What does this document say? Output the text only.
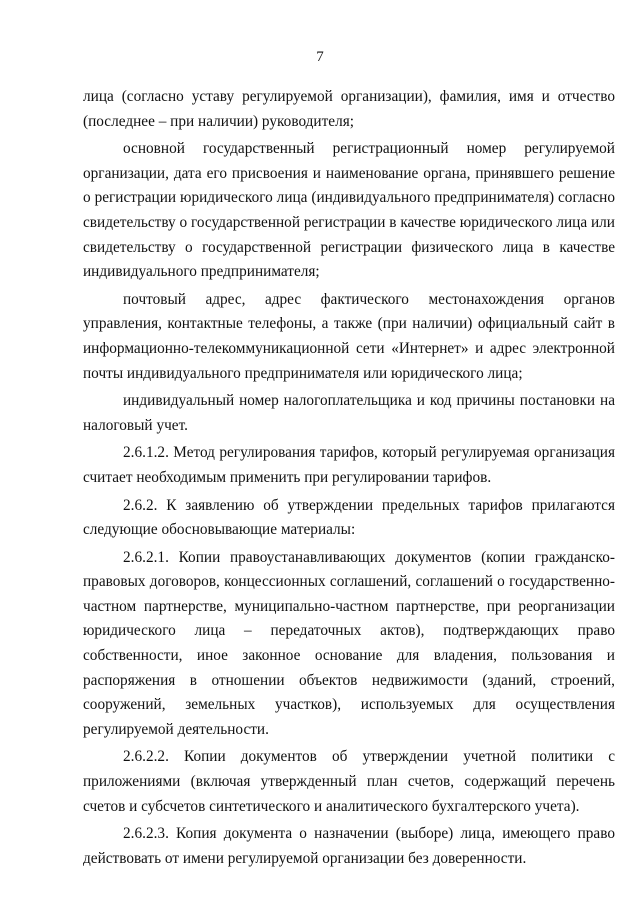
7

лица (согласно уставу регулируемой организации), фамилия, имя и отчество (последнее – при наличии) руководителя;

основной государственный регистрационный номер регулируемой организации, дата его присвоения и наименование органа, принявшего решение о регистрации юридического лица (индивидуального предпринимателя) согласно свидетельству о государственной регистрации в качестве юридического лица или свидетельству о государственной регистрации физического лица в качестве индивидуального предпринимателя;

почтовый адрес, адрес фактического местонахождения органов управления, контактные телефоны, а также (при наличии) официальный сайт в информационно-телекоммуникационной сети «Интернет» и адрес электронной почты индивидуального предпринимателя или юридического лица;

индивидуальный номер налогоплательщика и код причины постановки на налоговый учет.

2.6.1.2. Метод регулирования тарифов, который регулируемая организация считает необходимым применить при регулировании тарифов.

2.6.2. К заявлению об утверждении предельных тарифов прилагаются следующие обосновывающие материалы:

2.6.2.1. Копии правоустанавливающих документов (копии гражданско-правовых договоров, концессионных соглашений, соглашений о государственно-частном партнерстве, муниципально-частном партнерстве, при реорганизации юридического лица – передаточных актов), подтверждающих право собственности, иное законное основание для владения, пользования и распоряжения в отношении объектов недвижимости (зданий, строений, сооружений, земельных участков), используемых для осуществления регулируемой деятельности.

2.6.2.2. Копии документов об утверждении учетной политики с приложениями (включая утвержденный план счетов, содержащий перечень счетов и субсчетов синтетического и аналитического бухгалтерского учета).

2.6.2.3. Копия документа о назначении (выборе) лица, имеющего право действовать от имени регулируемой организации без доверенности.
